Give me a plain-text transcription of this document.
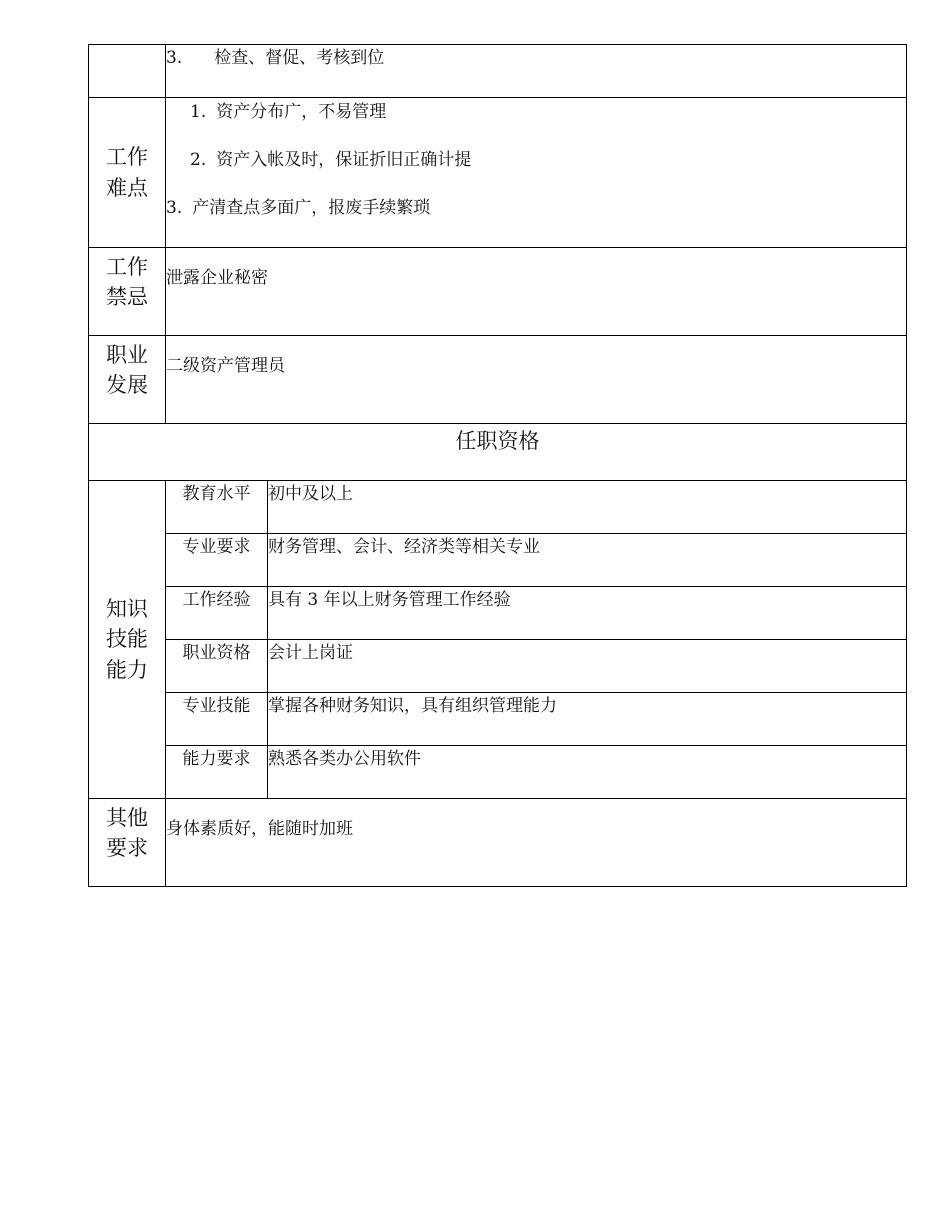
	3. 检查、督促、考核到位	
工作难点	1. 资产分布广，不易管理
2. 资产入帐及时，保证折旧正确计提
3. 产清查点多面广，报废手续繁琐	

工作禁忌	泄露企业秘密	
职业发展	二级资产管理员	
任职资格		
知识技能能力	教育水平	初中及以上
	专业要求	财务管理、会计、经济类等相关专业
	工作经验	具有 3 年以上财务管理工作经验
	职业资格	会计上岗证
	专业技能	掌握各种财务知识，具有组织管理能力
	能力要求	熟悉各类办公用软件
其他要求	身体素质好，能随时加班	
